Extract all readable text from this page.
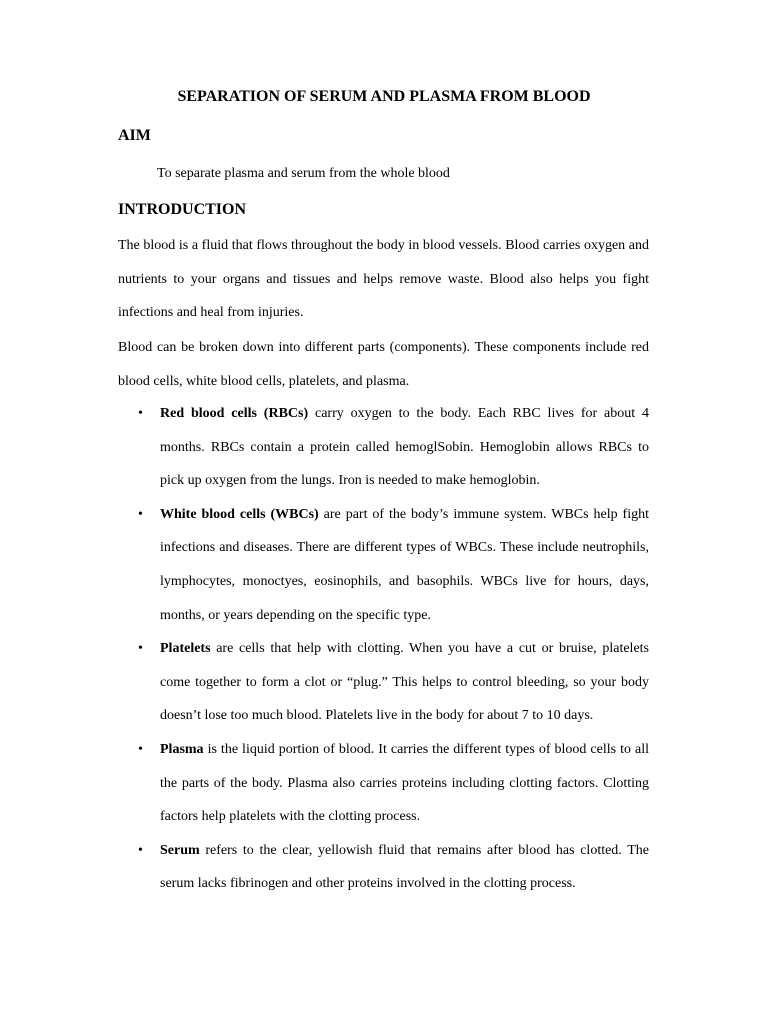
SEPARATION OF SERUM AND PLASMA FROM BLOOD
AIM
To separate plasma and serum from the whole blood
INTRODUCTION
The blood is a fluid that flows throughout the body in blood vessels. Blood carries oxygen and nutrients to your organs and tissues and helps remove waste. Blood also helps you fight infections and heal from injuries.
Blood can be broken down into different parts (components). These components include red blood cells, white blood cells, platelets, and plasma.
• Red blood cells (RBCs) carry oxygen to the body. Each RBC lives for about 4 months. RBCs contain a protein called hemoglSobin. Hemoglobin allows RBCs to pick up oxygen from the lungs. Iron is needed to make hemoglobin.
• White blood cells (WBCs) are part of the body’s immune system. WBCs help fight infections and diseases. There are different types of WBCs. These include neutrophils, lymphocytes, monoctyes, eosinophils, and basophils. WBCs live for hours, days, months, or years depending on the specific type.
• Platelets are cells that help with clotting. When you have a cut or bruise, platelets come together to form a clot or “plug.” This helps to control bleeding, so your body doesn’t lose too much blood. Platelets live in the body for about 7 to 10 days.
• Plasma is the liquid portion of blood. It carries the different types of blood cells to all the parts of the body. Plasma also carries proteins including clotting factors. Clotting factors help platelets with the clotting process.
• Serum refers to the clear, yellowish fluid that remains after blood has clotted. The serum lacks fibrinogen and other proteins involved in the clotting process.
